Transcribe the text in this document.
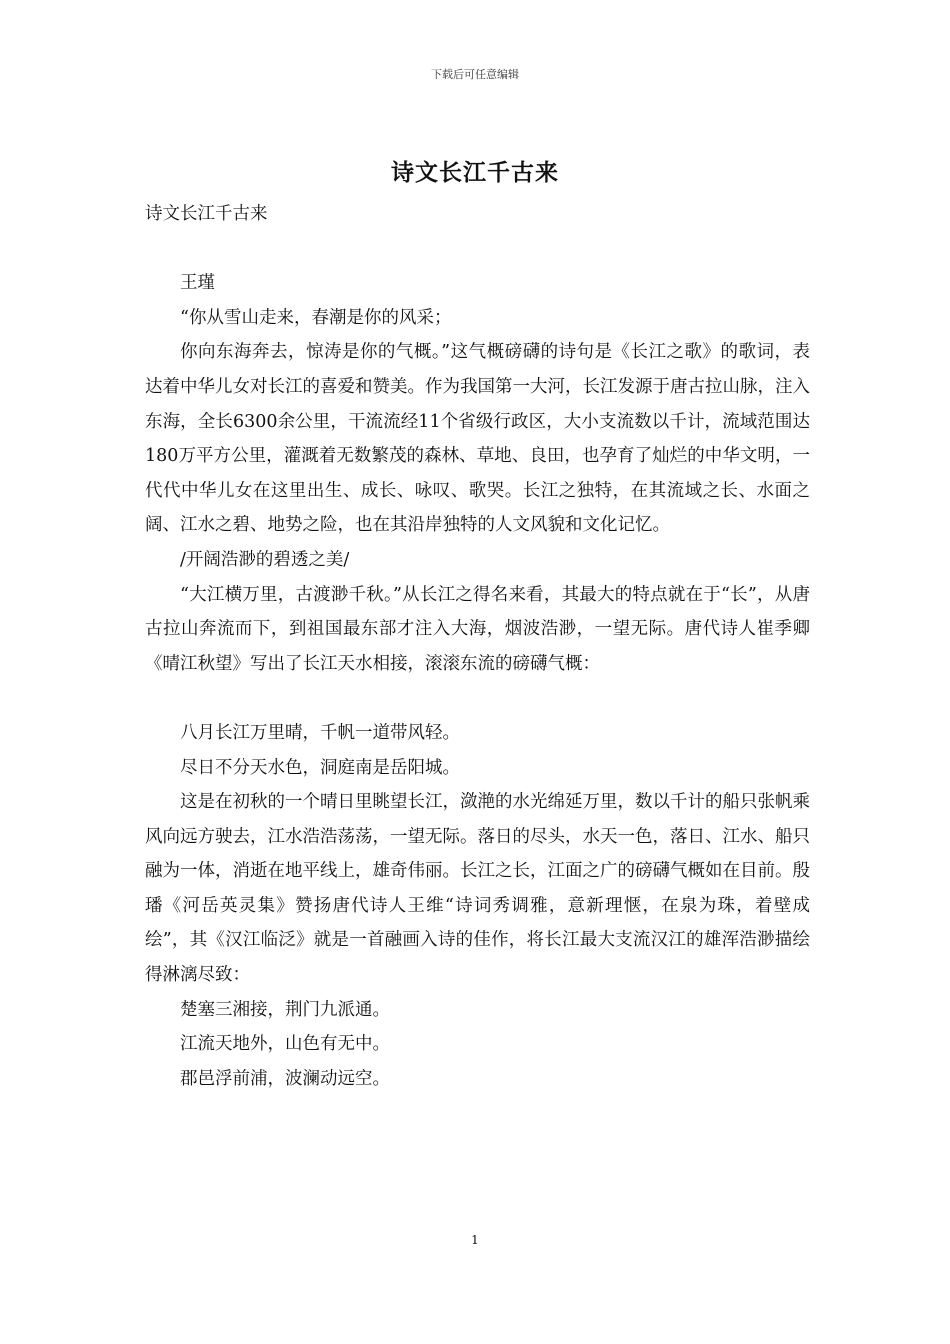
下载后可任意编辑
诗文长江千古来

诗文长江千古来

王瑾

“你从雪山走来，春潮是你的风采；

你向东海奔去，惊涛是你的气概。”这气概磅礴的诗句是《长江之歌》的歌词，表达着中华儿女对长江的喜爱和赞美。作为我国第一大河，长江发源于唐古拉山脉，注入东海，全长6300余公里，干流流经11个省级行政区，大小支流数以千计，流域范围达180万平方公里，灌溉着无数繁茂的森林、草地、良田，也孕育了灿烂的中华文明，一代代中华儿女在这里出生、成长、咏叹、歌哭。长江之独特，在其流域之长、水面之阔、江水之碧、地势之险，也在其沿岸独特的人文风貌和文化记忆。

/开阔浩渺的碧透之美/

“大江横万里，古渡渺千秋。”从长江之得名来看，其最大的特点就在于“长”，从唐古拉山奔流而下，到祖国最东部才注入大海，烟波浩渺，一望无际。唐代诗人崔季卿《晴江秋望》写出了长江天水相接，滚滚东流的磅礴气概：

八月长江万里晴，千帆一道带风轻。

尽日不分天水色，洞庭南是岳阳城。

这是在初秋的一个晴日里眺望长江，潋滟的水光绵延万里，数以千计的船只张帆乘风向远方驶去，江水浩浩荡荡，一望无际。落日的尽头，水天一色，落日、江水、船只融为一体，消逝在地平线上，雄奇伟丽。长江之长，江面之广的磅礴气概如在目前。殷璠《河岳英灵集》赞扬唐代诗人王维“诗词秀调雅，意新理惬，在泉为珠，着壁成绘”，其《汉江临泛》就是一首融画入诗的佳作，将长江最大支流汉江的雄浑浩渺描绘得淋漓尽致：

楚塞三湘接，荆门九派通。

江流天地外，山色有无中。

郡邑浮前浦，波澜动远空。

1
